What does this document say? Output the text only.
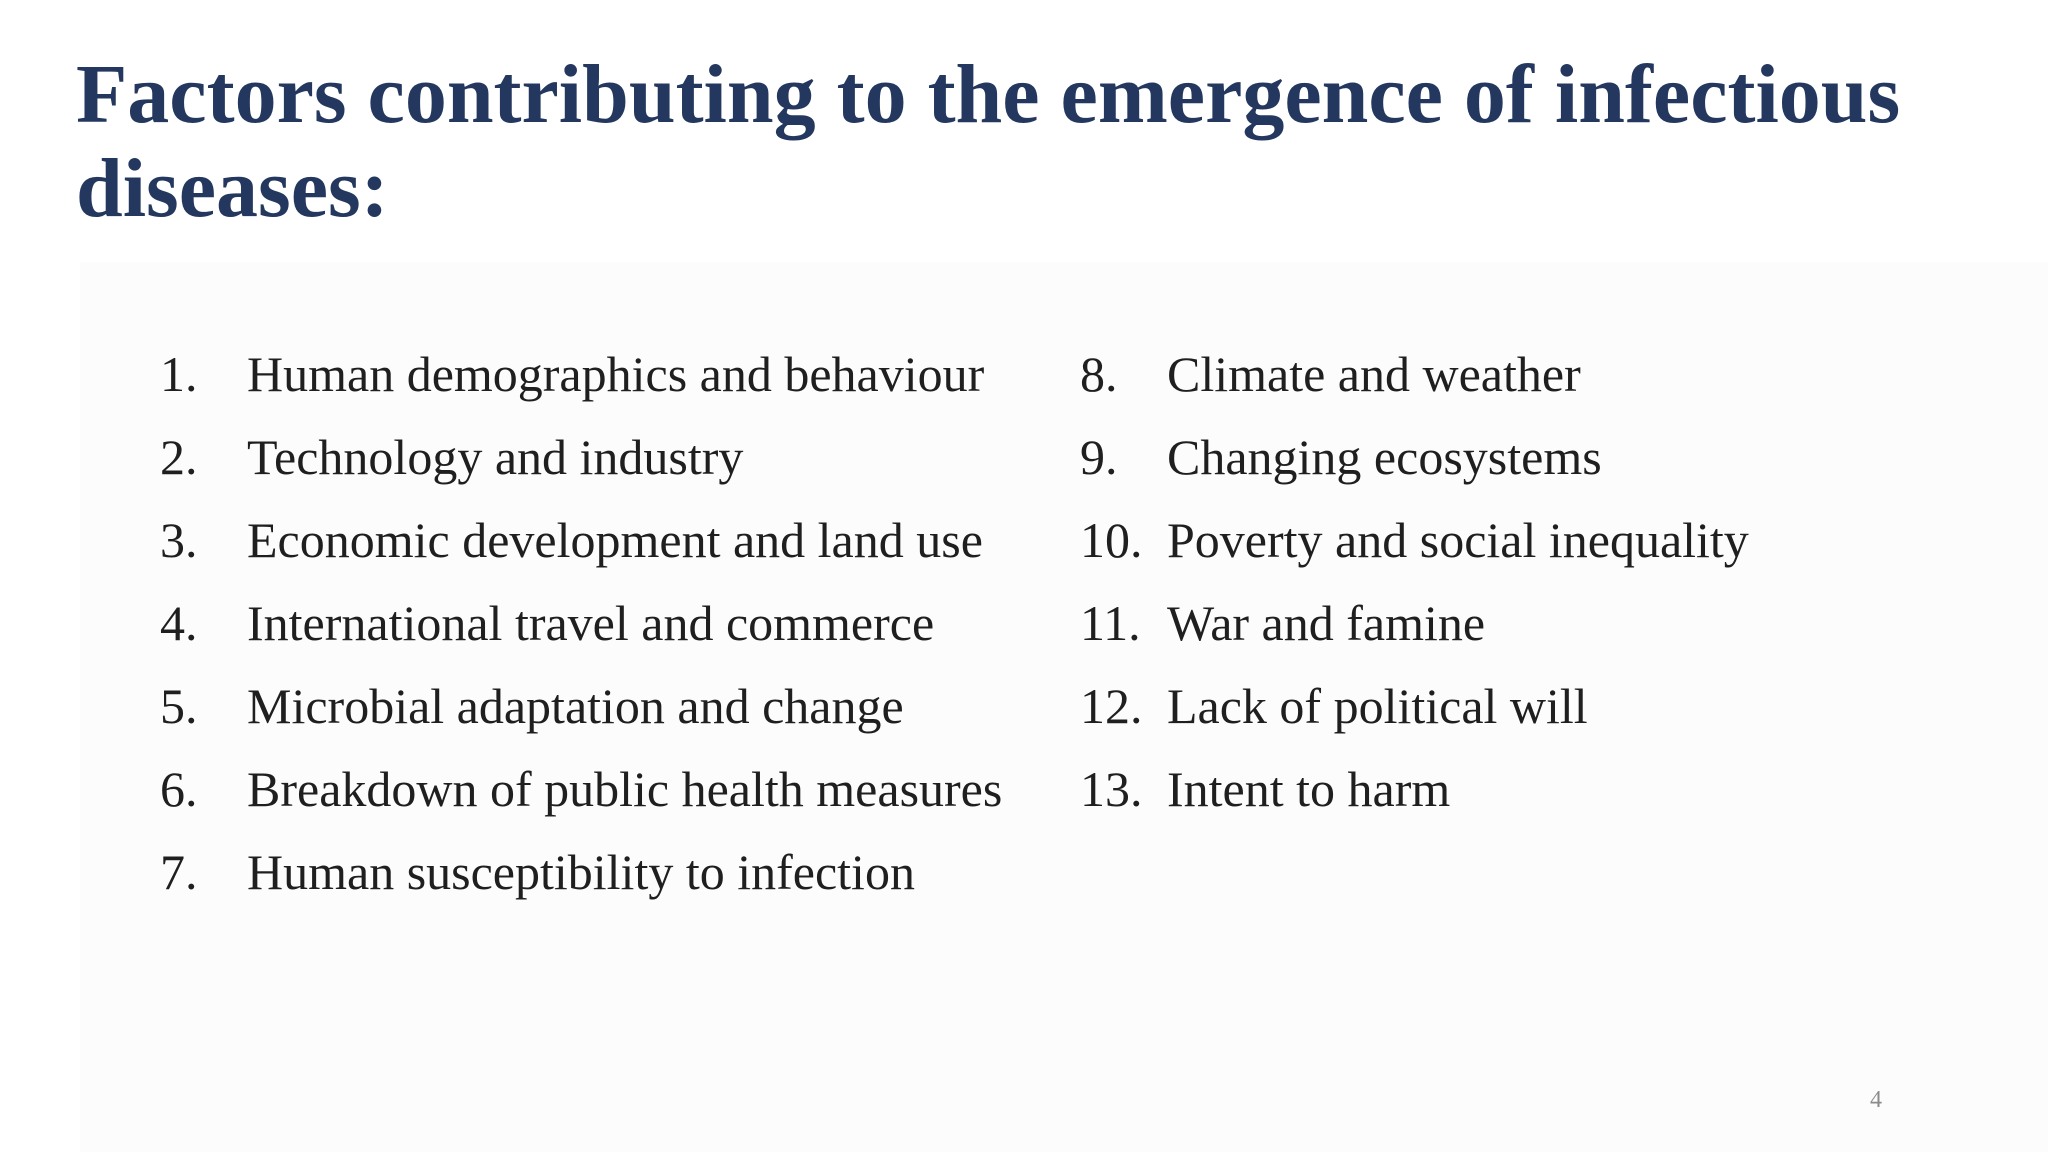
Factors contributing to the emergence of infectious diseases:
1. Human demographics and behaviour
2. Technology and industry
3. Economic development and land use
4. International travel and commerce
5. Microbial adaptation and change
6. Breakdown of public health measures
7. Human susceptibility to infection
8. Climate and weather
9. Changing ecosystems
10. Poverty and social inequality
11. War and famine
12. Lack of political will
13. Intent to harm
4
